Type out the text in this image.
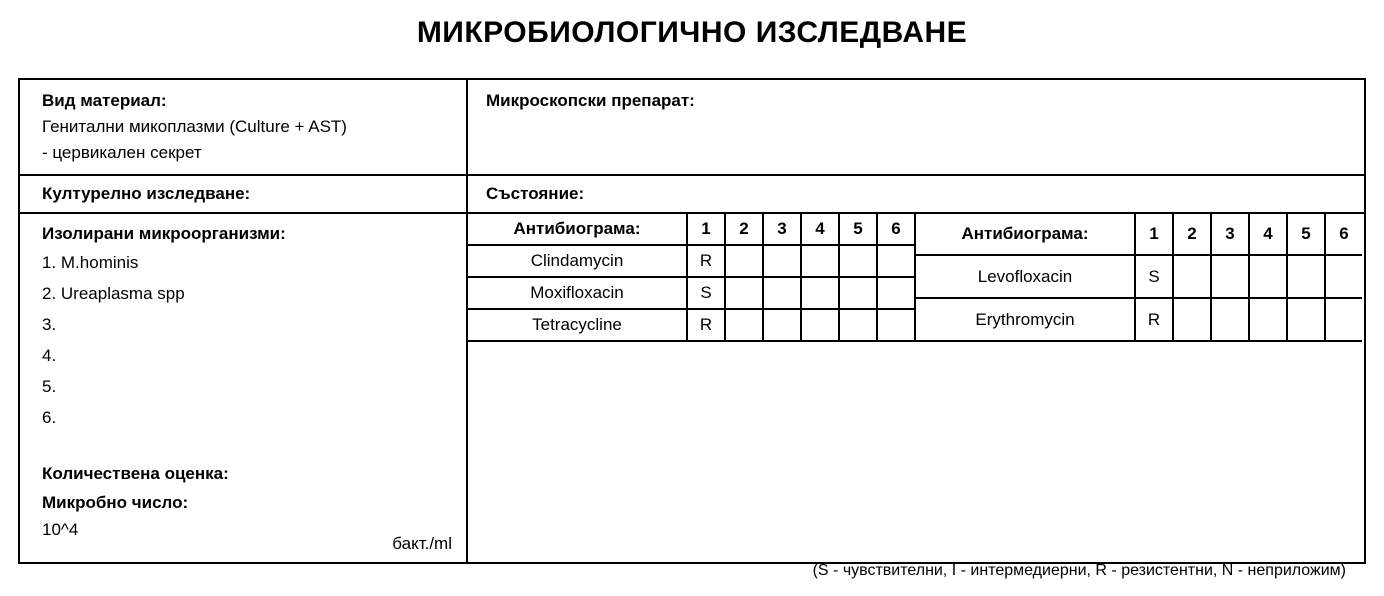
МИКРОБИОЛОГИЧНО ИЗСЛЕДВАНЕ
Вид материал:
Генитални микоплазми (Culture + AST)
- цервикален секрет
Микроскопски препарат:
Културелно изследване:	Състояние:
Изолирани микроорганизми:
1. M.hominis
2. Ureaplasma spp
3.
4.
5.
6.
Количествена оценка:
Микробно число:
10^4
бакт./ml
Антибиограма:	1	2	3	4	5	6
Clindamycin	R					
Moxifloxacin	S					
Tetracycline	R					
Антибиограма:	1	2	3	4	5	6
Levofloxacin	S					
Erythromycin	R					
(S - чувствителни, I - интермедиерни, R - резистентни, N - неприложим)
